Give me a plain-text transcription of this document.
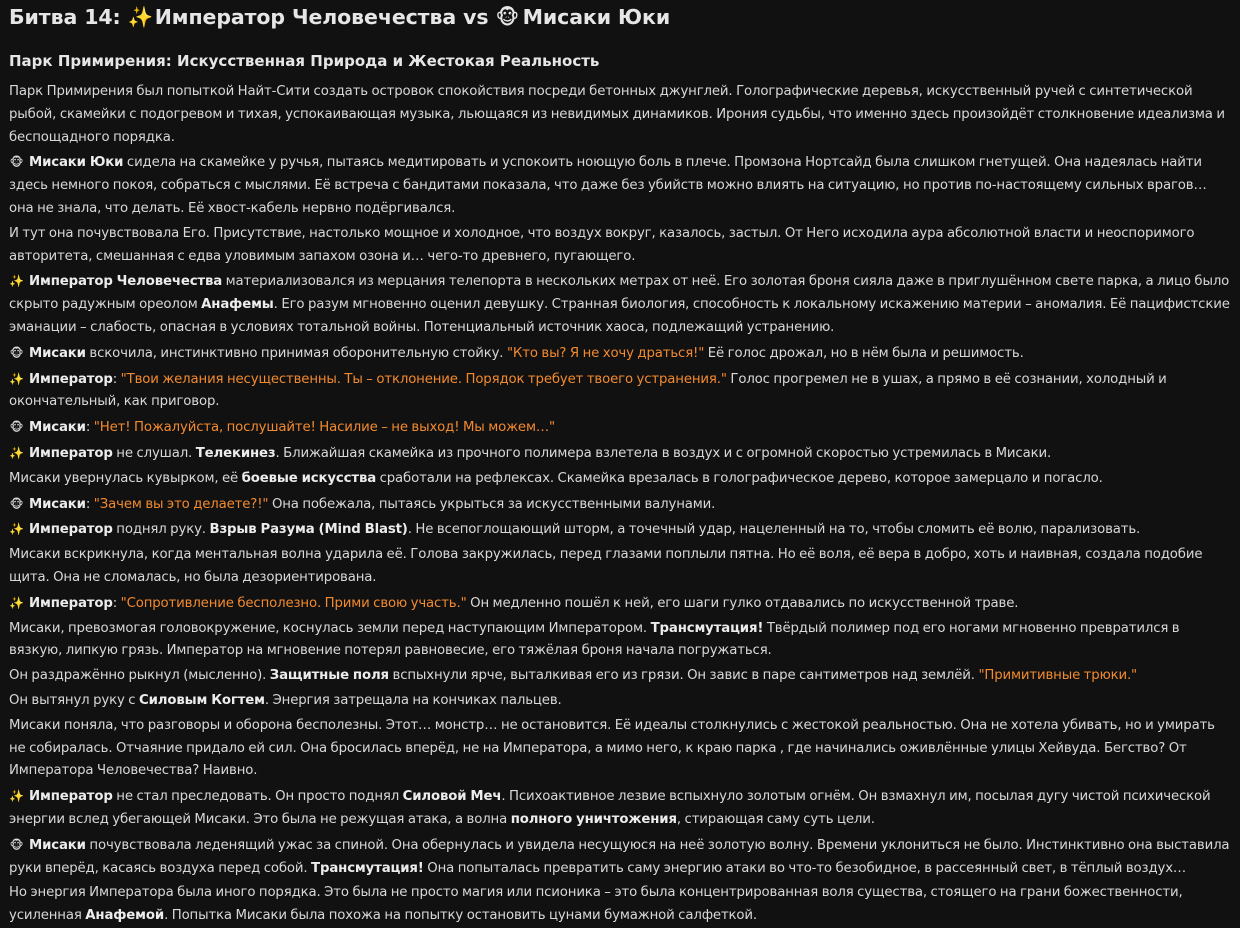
Битва 14: ✨ Император Человечества vs 🐵 Мисаки Юки
Парк Примирения: Искусственная Природа и Жестокая Реальность

Парк Примирения был попыткой Найт-Сити создать островок спокойствия посреди бетонных джунглей. Голографические деревья, искусственный ручей с синтетической рыбой, скамейки с подогревом и тихая, успокаивающая музыка, льющаяся из невидимых динамиков. Ирония судьбы, что именно здесь произойдёт столкновение идеализма и беспощадного порядка.

🐵 Мисаки Юки сидела на скамейке у ручья, пытаясь медитировать и успокоить ноющую боль в плече. Промзона Нортсайд была слишком гнетущей. Она надеялась найти здесь немного покоя, собраться с мыслями. Её встреча с бандитами показала, что даже без убийств можно влиять на ситуацию, но против по-настоящему сильных врагов… она не знала, что делать. Её хвост-кабель нервно подёргивался.

И тут она почувствовала Его. Присутствие, настолько мощное и холодное, что воздух вокруг, казалось, застыл. От Него исходила аура абсолютной власти и неоспоримого авторитета, смешанная с едва уловимым запахом озона и… чего-то древнего, пугающего.

✨ Император Человечества материализовался из мерцания телепорта в нескольких метрах от неё. Его золотая броня сияла даже в приглушённом свете парка, а лицо было скрыто радужным ореолом Анафемы. Его разум мгновенно оценил девушку. Странная биология, способность к локальному искажению материи – аномалия. Её пацифистские эманации – слабость, опасная в условиях тотальной войны. Потенциальный источник хаоса, подлежащий устранению.

🐵 Мисаки вскочила, инстинктивно принимая оборонительную стойку. "Кто вы? Я не хочу драться!" Её голос дрожал, но в нём была и решимость.

✨ Император: "Твои желания несущественны. Ты – отклонение. Порядок требует твоего устранения." Голос прогремел не в ушах, а прямо в её сознании, холодный и окончательный, как приговор.

🐵 Мисаки: "Нет! Пожалуйста, послушайте! Насилие – не выход! Мы можем…"

✨ Император не слушал. Телекинез. Ближайшая скамейка из прочного полимера взлетела в воздух и с огромной скоростью устремилась в Мисаки.

Мисаки увернулась кувырком, её боевые искусства сработали на рефлексах. Скамейка врезалась в голографическое дерево, которое замерцало и погасло.

🐵 Мисаки: "Зачем вы это делаете?!" Она побежала, пытаясь укрыться за искусственными валунами.

✨ Император поднял руку. Взрыв Разума (Mind Blast). Не всепоглощающий шторм, а точечный удар, нацеленный на то, чтобы сломить её волю, парализовать.

Мисаки вскрикнула, когда ментальная волна ударила её. Голова закружилась, перед глазами поплыли пятна. Но её воля, её вера в добро, хоть и наивная, создала подобие щита. Она не сломалась, но была дезориентирована.

✨ Император: "Сопротивление бесполезно. Прими свою участь." Он медленно пошёл к ней, его шаги гулко отдавались по искусственной траве.

Мисаки, превозмогая головокружение, коснулась земли перед наступающим Императором. Трансмутация! Твёрдый полимер под его ногами мгновенно превратился в вязкую, липкую грязь. Император на мгновение потерял равновесие, его тяжёлая броня начала погружаться.

Он раздражённо рыкнул (мысленно). Защитные поля вспыхнули ярче, выталкивая его из грязи. Он завис в паре сантиметров над землёй. "Примитивные трюки."

Он вытянул руку с Силовым Когтем. Энергия затрещала на кончиках пальцев.

Мисаки поняла, что разговоры и оборона бесполезны. Этот… монстр… не остановится. Её идеалы столкнулись с жестокой реальностью. Она не хотела убивать, но и умирать не собиралась. Отчаяние придало ей сил. Она бросилась вперёд, не на Императора, а мимо него, к краю парка , где начинались оживлённые улицы Хейвуда. Бегство? От Императора Человечества? Наивно.

✨ Император не стал преследовать. Он просто поднял Силовой Меч. Психоактивное лезвие вспыхнуло золотым огнём. Он взмахнул им, посылая дугу чистой психической энергии вслед убегающей Мисаки. Это была не режущая атака, а волна полного уничтожения, стирающая саму суть цели.

🐵 Мисаки почувствовала леденящий ужас за спиной. Она обернулась и увидела несущуюся на неё золотую волну. Времени уклониться не было. Инстинктивно она выставила руки вперёд, касаясь воздуха перед собой. Трансмутация! Она попыталась превратить саму энергию атаки во что-то безобидное, в рассеянный свет, в тёплый воздух…

Но энергия Императора была иного порядка. Это была не просто магия или псионика – это была концентрированная воля существа, стоящего на грани божественности, усиленная Анафемой. Попытка Мисаки была похожа на попытку остановить цунами бумажной салфеткой.
